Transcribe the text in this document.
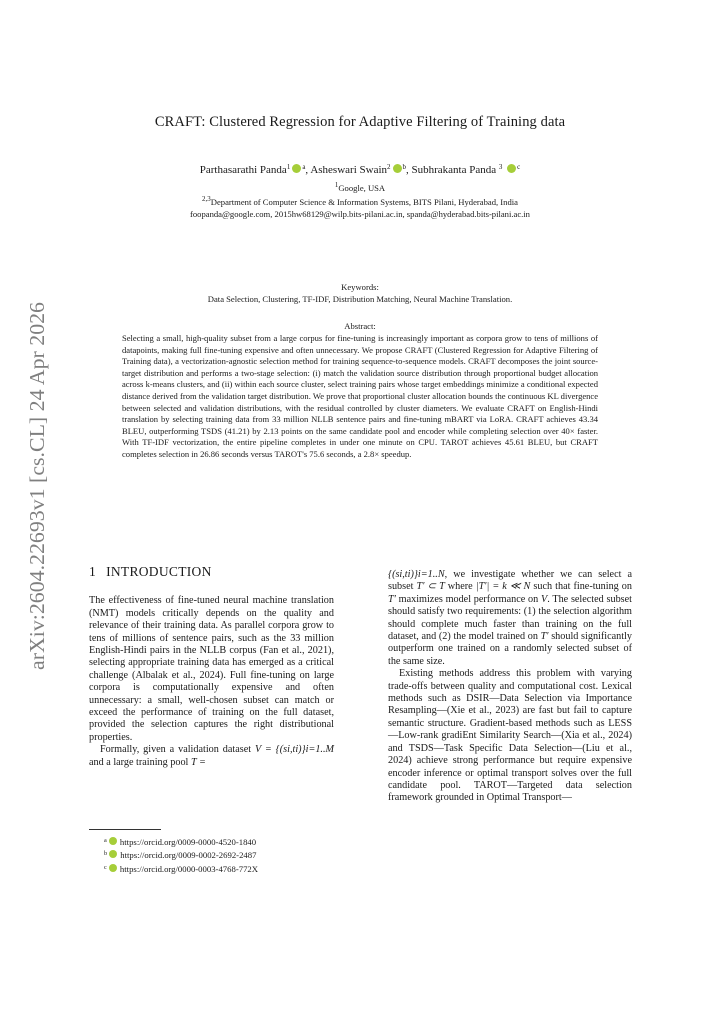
arXiv:2604.22693v1 [cs.CL] 24 Apr 2026
CRAFT: Clustered Regression for Adaptive Filtering of Training data
Parthasarathi Panda$^1$ $^a$, Asheswari Swain$^2$ $^b$, Subhrakanta Panda $^3$ $^c$
$^1$Google, USA
$^{2,3}$Department of Computer Science & Information Systems, BITS Pilani, Hyderabad, India
foopanda@google.com, 2015hw68129@wilp.bits-pilani.ac.in, spanda@hyderabad.bits-pilani.ac.in
Keywords:
Data Selection, Clustering, TF-IDF, Distribution Matching, Neural Machine Translation.
Abstract:
Selecting a small, high-quality subset from a large corpus for fine-tuning is increasingly important as corpora grow to tens of millions of datapoints, making full fine-tuning expensive and often unnecessary. We propose CRAFT (Clustered Regression for Adaptive Filtering of Training data), a vectorization-agnostic selection method for training sequence-to-sequence models. CRAFT decomposes the joint source-target distribution and performs a two-stage selection: (i) match the validation source distribution through proportional budget allocation across k-means clusters, and (ii) within each source cluster, select training pairs whose target embeddings minimize a conditional expected distance derived from the validation target distribution. We prove that proportional cluster allocation bounds the continuous KL divergence between selected and validation distributions, with the residual controlled by cluster diameters. We evaluate CRAFT on English-Hindi translation by selecting training data from 33 million NLLB sentence pairs and fine-tuning mBART via LoRA. CRAFT achieves 43.34 BLEU, outperforming TSDS (41.21) by 2.13 points on the same candidate pool and encoder while completing selection over 40× faster. With TF-IDF vectorization, the entire pipeline completes in under one minute on CPU. TAROT achieves 45.61 BLEU, but CRAFT completes selection in 26.86 seconds versus TAROT's 75.6 seconds, a 2.8× speedup.
1 INTRODUCTION

The effectiveness of fine-tuned neural machine translation (NMT) models critically depends on the quality and relevance of their training data. As parallel corpora grow to tens of millions of sentence pairs, such as the 33 million English-Hindi pairs in the NLLB corpus (Fan et al., 2021), selecting appropriate training data has emerged as a critical challenge (Albalak et al., 2024). Full fine-tuning on large corpora is computationally expensive and often unnecessary: a small, well-chosen subset can match or exceed the performance of training on the full dataset, provided the selection captures the right distributional properties.

Formally, given a validation dataset V = {(si,ti)}i=1..M and a large training pool T =

$^a$ https://orcid.org/0009-0000-4520-1840
$^b$ https://orcid.org/0009-0002-2692-2487
$^c$ https://orcid.org/0000-0003-4768-772X

{(si,ti)}i=1..N, we investigate whether we can select a subset T′ ⊂ T where |T′| = k ≪ N such that fine-tuning on T′ maximizes model performance on V. The selected subset should satisfy two requirements: (1) the selection algorithm should complete much faster than training on the full dataset, and (2) the model trained on T′ should significantly outperform one trained on a randomly selected subset of the same size.

Existing methods address this problem with varying trade-offs between quality and computational cost. Lexical methods such as DSIR—Data Selection via Importance Resampling—(Xie et al., 2023) are fast but fail to capture semantic structure. Gradient-based methods such as LESS—Low-rank gradiEnt Similarity Search—(Xia et al., 2024) and TSDS—Task Specific Data Selection—(Liu et al., 2024) achieve strong performance but require expensive encoder inference or optimal transport solves over the full candidate pool. TAROT—Targeted data selection framework grounded in Optimal Transport—
